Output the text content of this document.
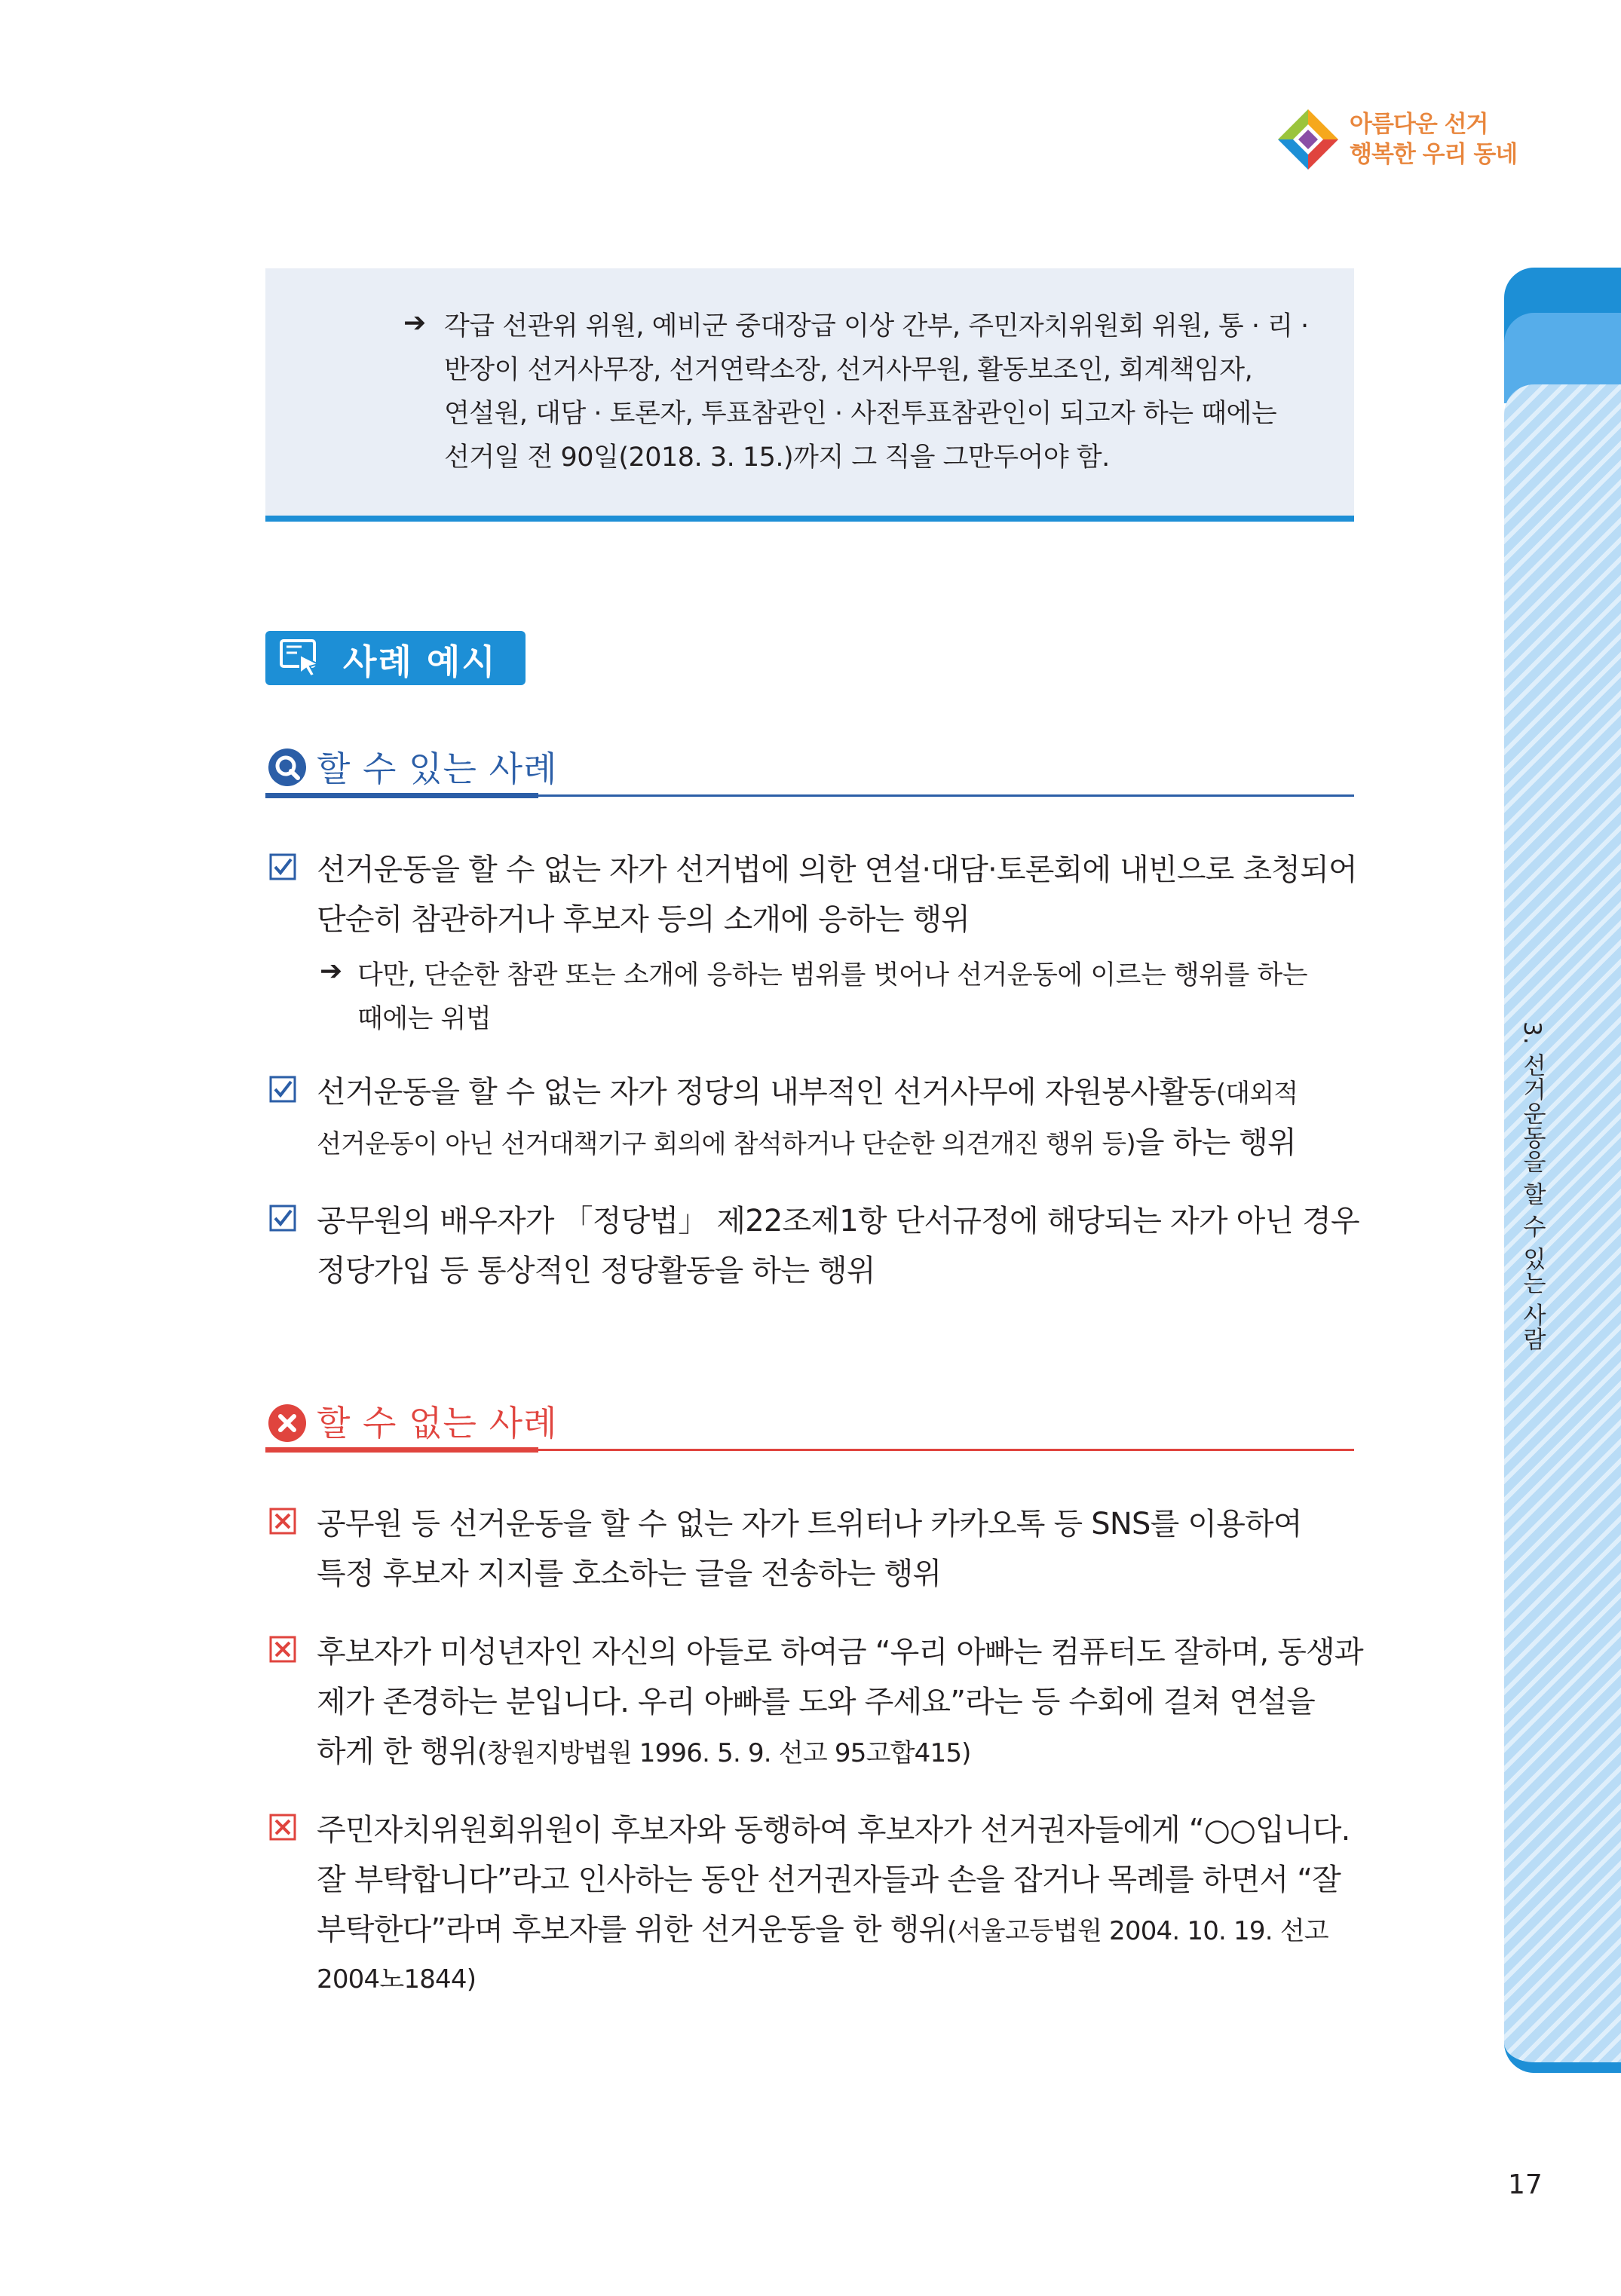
아름다운 선거
행복한 우리 동네
3. 선거운동을 할 수 있는 사람
➔ 각급 선관위 위원, 예비군 중대장급 이상 간부, 주민자치위원회 위원, 통 · 리 ·
반장이 선거사무장, 선거연락소장, 선거사무원, 활동보조인, 회계책임자,
연설원, 대담 · 토론자, 투표참관인 · 사전투표참관인이 되고자 하는 때에는
선거일 전 90일(2018. 3. 15.)까지 그 직을 그만두어야 함.
사례 예시
할 수 있는 사례
선거운동을 할 수 없는 자가 선거법에 의한 연설·대담·토론회에 내빈으로 초청되어
단순히 참관하거나 후보자 등의 소개에 응하는 행위
➔ 다만, 단순한 참관 또는 소개에 응하는 범위를 벗어나 선거운동에 이르는 행위를 하는
때에는 위법
선거운동을 할 수 없는 자가 정당의 내부적인 선거사무에 자원봉사활동(대외적
선거운동이 아닌 선거대책기구 회의에 참석하거나 단순한 의견개진 행위 등)을 하는 행위
공무원의 배우자가 「정당법」 제22조제1항 단서규정에 해당되는 자가 아닌 경우
정당가입 등 통상적인 정당활동을 하는 행위
할 수 없는 사례
공무원 등 선거운동을 할 수 없는 자가 트위터나 카카오톡 등 SNS를 이용하여
특정 후보자 지지를 호소하는 글을 전송하는 행위
후보자가 미성년자인 자신의 아들로 하여금 “우리 아빠는 컴퓨터도 잘하며, 동생과
제가 존경하는 분입니다. 우리 아빠를 도와 주세요”라는 등 수회에 걸쳐 연설을
하게 한 행위(창원지방법원 1996. 5. 9. 선고 95고합415)
주민자치위원회위원이 후보자와 동행하여 후보자가 선거권자들에게 “○○입니다.
잘 부탁합니다”라고 인사하는 동안 선거권자들과 손을 잡거나 목례를 하면서 “잘
부탁한다”라며 후보자를 위한 선거운동을 한 행위(서울고등법원 2004. 10. 19. 선고
2004노1844)
17
